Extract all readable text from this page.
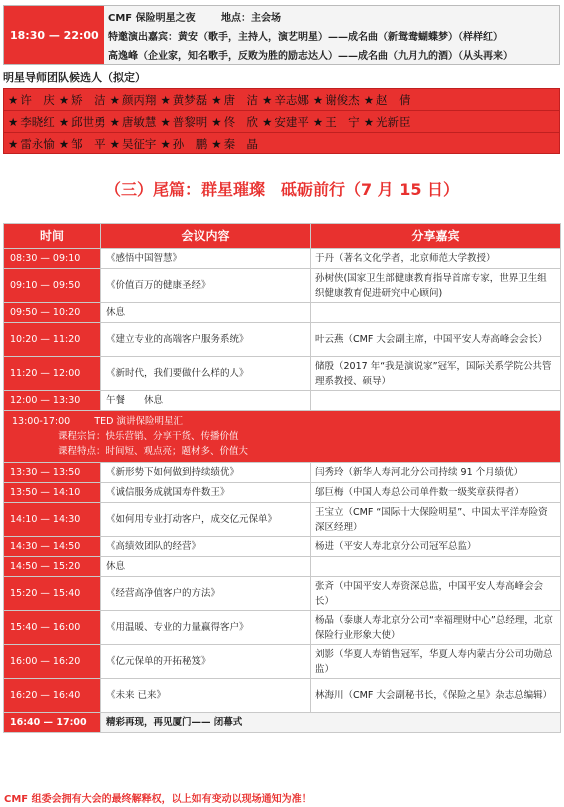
18:30 — 22:00
CMF 保险明星之夜	地点：主会场
特邀演出嘉宾：黄安（歌手，主持人，演艺明星）——成名曲（新鸳鸯蝴蝶梦）（样样红）
高逸峰（企业家，知名歌手，反败为胜的励志达人）——成名曲（九月九的酒）（从头再来）
明星导师团队候选人（拟定）
★ 许　庆 ★ 矫　洁 ★ 颜丙翔 ★ 黄梦磊 ★ 唐　洁 ★ 辛志娜 ★ 谢俊杰 ★ 赵　倩
★ 李晓红 ★ 邱世勇 ★ 唐敏慧 ★ 普黎明 ★ 佟　欣 ★ 安建平 ★ 王　宁 ★ 光新臣
★ 雷永愉 ★ 邹　平 ★ 吴征宇 ★ 孙　鹏 ★ 秦　晶
（三）尾篇：群星璀璨　砥砺前行（7 月 15 日）
时间	会议内容	分享嘉宾
08:30 — 09:10	《感悟中国智慧》	于丹（著名文化学者，北京师范大学教授）
09:10 — 09:50	《价值百万的健康圣经》	孙树侠(国家卫生部健康教育指导首席专家，世界卫生组织健康教育促进研究中心顾问)
09:50 — 10:20	休息	
10:20 — 11:20	《建立专业的高端客户服务系统》	叶云燕（CMF 大会副主席，中国平安人寿高峰会会长）
11:20 — 12:00	《新时代，我们要做什么样的人》	储殷（2017 年“我是演说家”冠军，国际关系学院公共管理系教授、硕导）
12:00 — 13:30	午餐　　休息	

13:00-17:00 TED 演讲保险明星汇
课程宗旨：快乐营销、分享干货、传播价值
课程特点：时间短、观点亮；题材多、价值大		

13:30 — 13:50	《新形势下如何做到持续绩优》	闫秀玲（新华人寿河北分公司持续 91 个月绩优）
13:50 — 14:10	《诚信服务成就国寿件数王》	邬巨梅（中国人寿总公司单件数一级奖章获得者）
14:10 — 14:30	《如何用专业打动客户，成交亿元保单》	王宝立（CMF “国际十大保险明星”、中国太平洋寿险资深区经理）
14:30 — 14:50	《高绩效团队的经营》	杨进（平安人寿北京分公司冠军总监）
14:50 — 15:20	休息	
15:20 — 15:40	《经营高净值客户的方法》	张斉（中国平安人寿资深总监，中国平安人寿高峰会会长）
15:40 — 16:00	《用温暖、专业的力量赢得客户》	杨晶（泰康人寿北京分公司“幸福理财中心”总经理，北京保险行业形象大使）
16:00 — 16:20	《亿元保单的开拓秘笈》	刘影（华夏人寿销售冠军，华夏人寿内蒙古分公司功勋总监）
16:20 — 16:40	《未来 已来》	林海川（CMF 大会副秘书长，《保险之星》杂志总编辑）
16:40 — 17:00	精彩再现，再见厦门—— 闭幕式	
CMF 组委会拥有大会的最终解释权，以上如有变动以现场通知为准！
